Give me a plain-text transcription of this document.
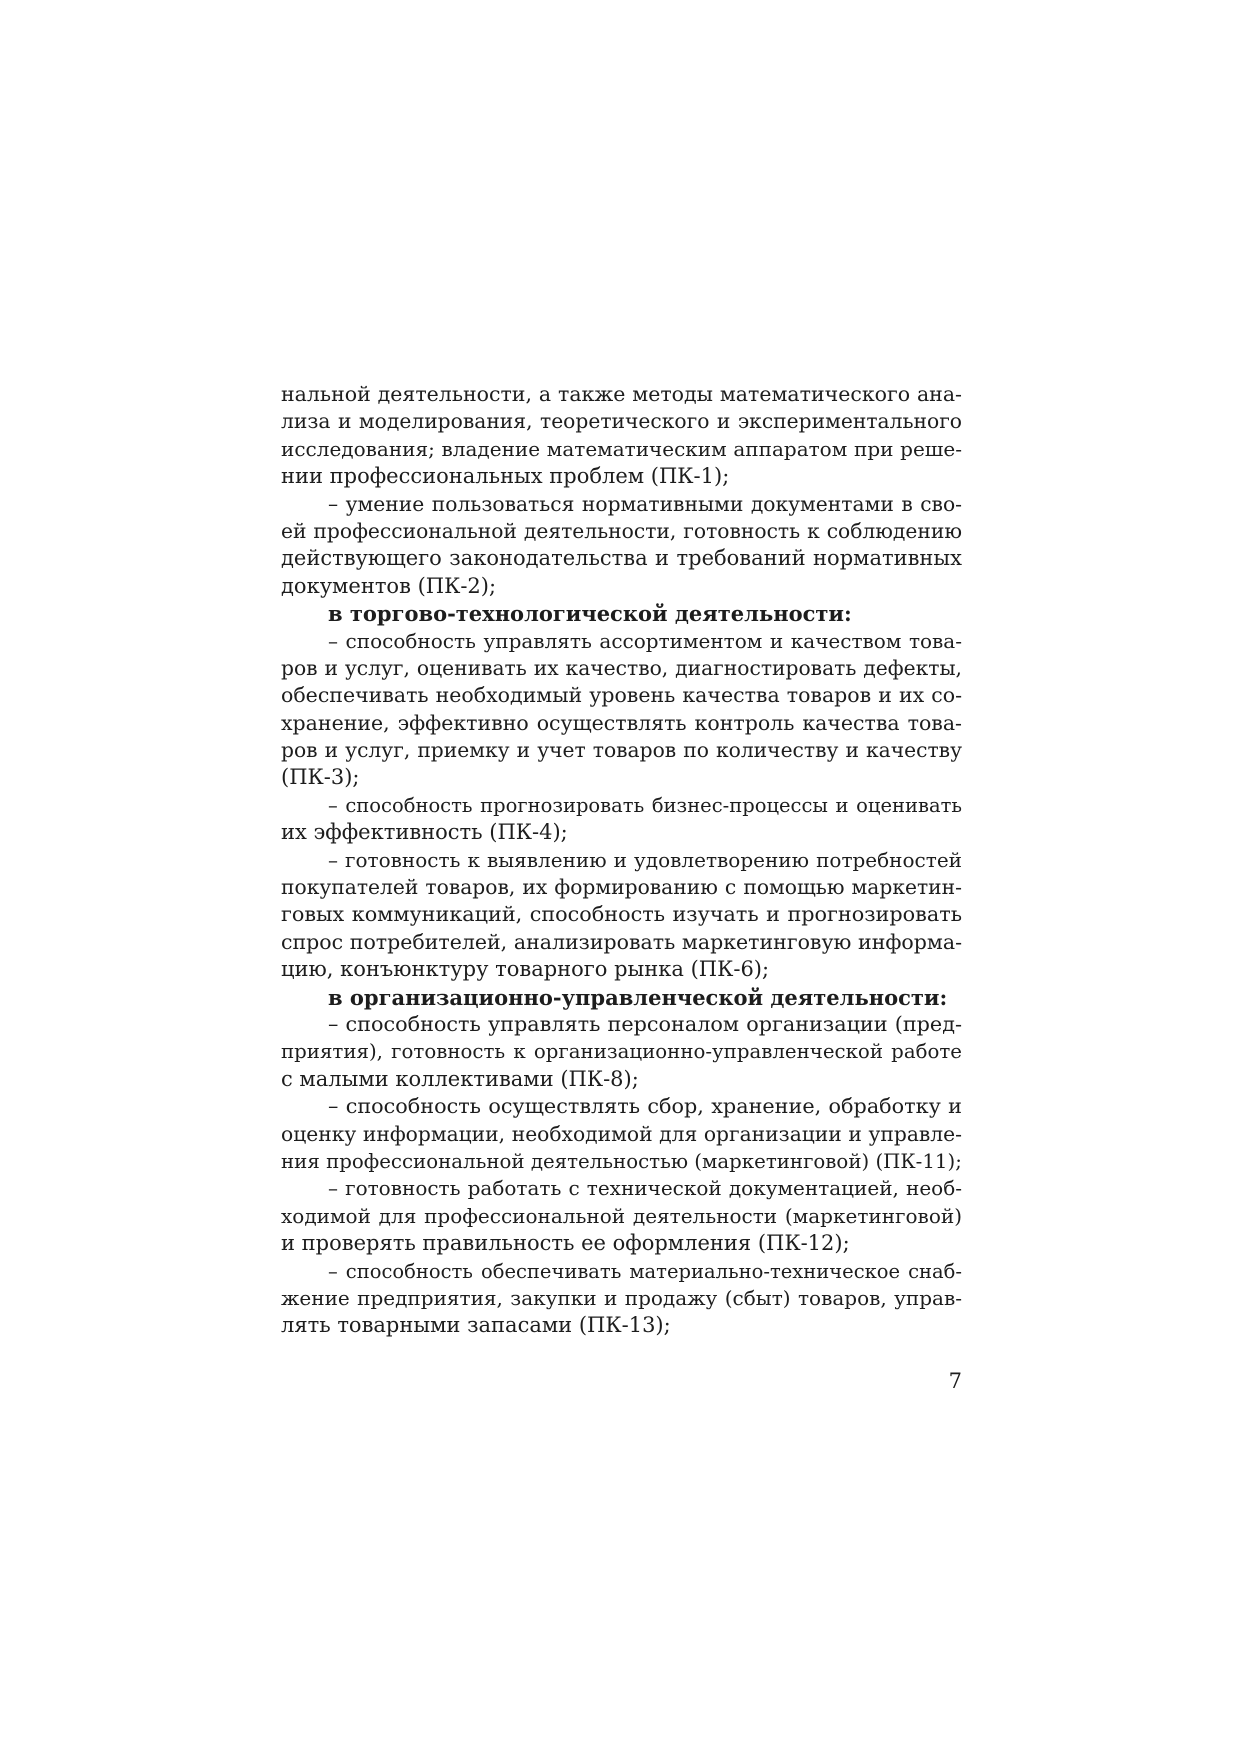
нальной деятельности, а также методы математического ана-
лиза и моделирования, теоретического и экспериментального
исследования; владение математическим аппаратом при реше-
нии профессиональных проблем (ПК-1);
– умение пользоваться нормативными документами в сво-
ей профессиональной деятельности, готовность к соблюдению
действующего законодательства и требований нормативных
документов (ПК-2);
в торгово-технологической деятельности:
– способность управлять ассортиментом и качеством това-
ров и услуг, оценивать их качество, диагностировать дефекты,
обеспечивать необходимый уровень качества товаров и их со-
хранение, эффективно осуществлять контроль качества това-
ров и услуг, приемку и учет товаров по количеству и качеству
(ПК-3);
– способность прогнозировать бизнес-процессы и оценивать
их эффективность (ПК-4);
– готовность к выявлению и удовлетворению потребностей
покупателей товаров, их формированию с помощью маркетин-
говых коммуникаций, способность изучать и прогнозировать
спрос потребителей, анализировать маркетинговую информа-
цию, конъюнктуру товарного рынка (ПК-6);
в организационно-управленческой деятельности:
– способность управлять персоналом организации (пред-
приятия), готовность к организационно-управленческой работе
с малыми коллективами (ПК-8);
– способность осуществлять сбор, хранение, обработку и
оценку информации, необходимой для организации и управле-
ния профессиональной деятельностью (маркетинговой) (ПК-11);
– готовность работать с технической документацией, необ-
ходимой для профессиональной деятельности (маркетинговой)
и проверять правильность ее оформления (ПК-12);
– способность обеспечивать материально-техническое снаб-
жение предприятия, закупки и продажу (сбыт) товаров, управ-
лять товарными запасами (ПК-13);
7
